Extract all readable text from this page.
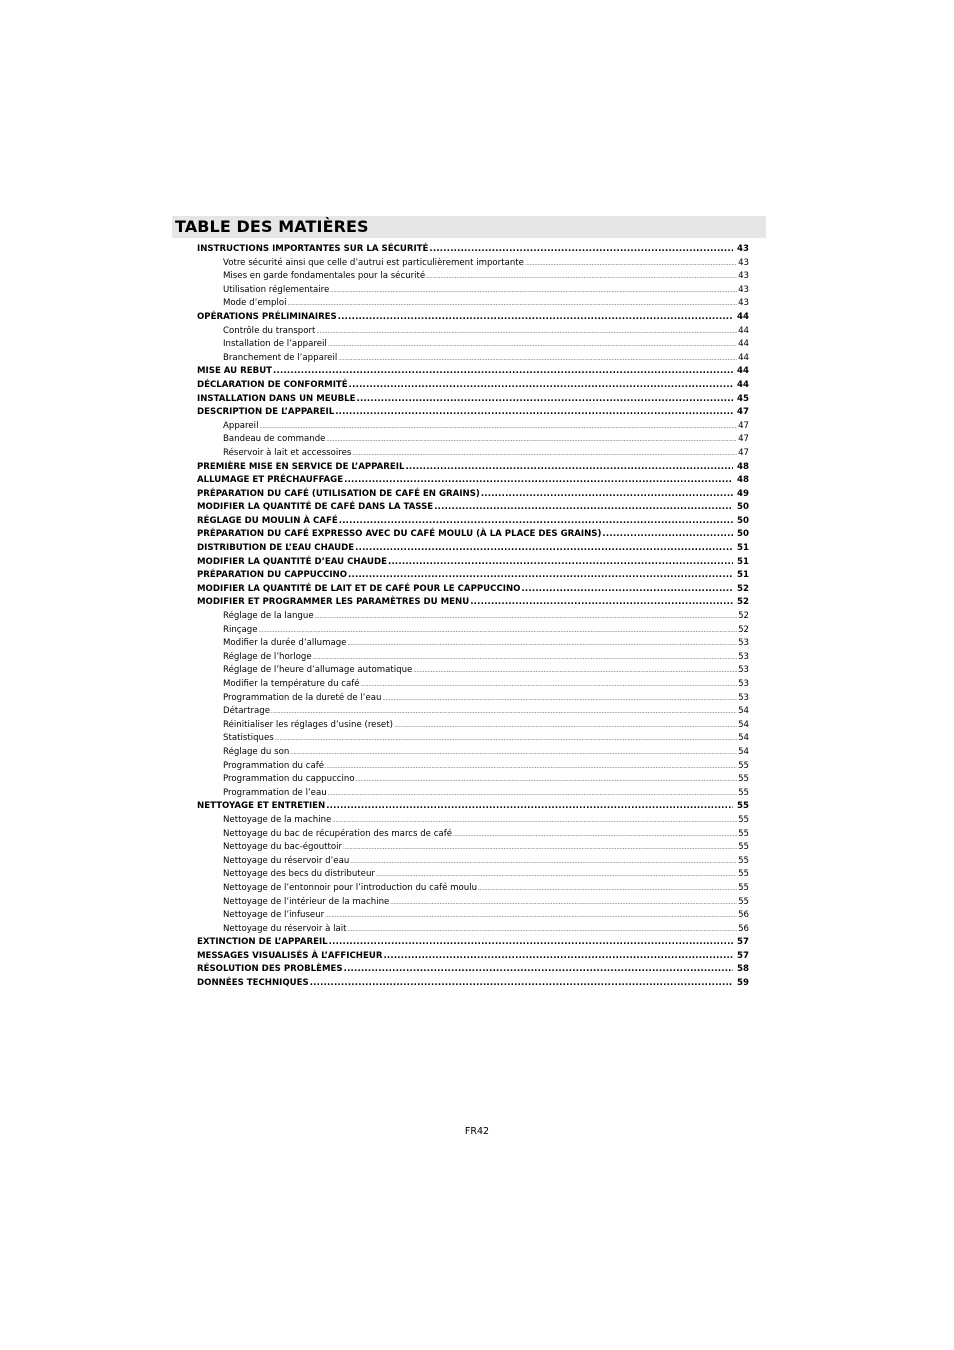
TABLE DES MATIÈRES
INSTRUCTIONS IMPORTANTES SUR LA SÉCURITÉ .....	43
Votre sécurité ainsi que celle d’autrui est particulièrement importante .....	43
Mises en garde fondamentales pour la sécurité .....	43
Utilisation réglementaire .....	43
Mode d’emploi .....	43
OPÉRATIONS PRÉLIMINAIRES .....	44
Contrôle du transport .....	44
Installation de l’appareil .....	44
Branchement de l’appareil .....	44
MISE AU REBUT .....	44
DÉCLARATION DE CONFORMITÉ .....	44
INSTALLATION DANS UN MEUBLE .....	45
DESCRIPTION DE L’APPAREIL .....	47
Appareil .....	47
Bandeau de commande .....	47
Réservoir à lait et accessoires .....	47
PREMIÈRE MISE EN SERVICE DE L’APPAREIL .....	48
ALLUMAGE ET PRÉCHAUFFAGE .....	48
PRÉPARATION DU CAFÉ (UTILISATION DE CAFÉ EN GRAINS) .....	49
MODIFIER LA QUANTITÉ DE CAFÉ DANS LA TASSE .....	50
RÉGLAGE DU MOULIN À CAFÉ .....	50
PRÉPARATION DU CAFÉ EXPRESSO AVEC DU CAFÉ MOULU (À LA PLACE DES GRAINS) .....	50
DISTRIBUTION DE L’EAU CHAUDE .....	51
MODIFIER LA QUANTITÉ D’EAU CHAUDE .....	51
PRÉPARATION DU CAPPUCCINO .....	51
MODIFIER LA QUANTITÉ DE LAIT ET DE CAFÉ POUR LE CAPPUCCINO .....	52
MODIFIER ET PROGRAMMER LES PARAMÈTRES DU MENU .....	52
Réglage de la langue .....	52
Rinçage .....	52
Modifier la durée d’allumage .....	53
Réglage de l’horloge .....	53
Réglage de l’heure d’allumage automatique .....	53
Modifier la température du café .....	53
Programmation de la dureté de l’eau .....	53
Détartrage .....	54
Réinitialiser les réglages d’usine (reset) .....	54
Statistiques .....	54
Réglage du son .....	54
Programmation du café .....	55
Programmation du cappuccino .....	55
Programmation de l’eau .....	55
NETTOYAGE ET ENTRETIEN .....	55
Nettoyage de la machine .....	55
Nettoyage du bac de récupération des marcs de café .....	55
Nettoyage du bac-égouttoir .....	55
Nettoyage du réservoir d’eau .....	55
Nettoyage des becs du distributeur .....	55
Nettoyage de l’entonnoir pour l’introduction du café moulu .....	55
Nettoyage de l’intérieur de la machine .....	55
Nettoyage de l’infuseur .....	56
Nettoyage du réservoir à lait .....	56
EXTINCTION DE L’APPAREIL .....	57
MESSAGES VISUALISÉS À L’AFFICHEUR .....	57
RÉSOLUTION DES PROBLÈMES .....	58
DONNÉES TECHNIQUES .....	59
FR42
